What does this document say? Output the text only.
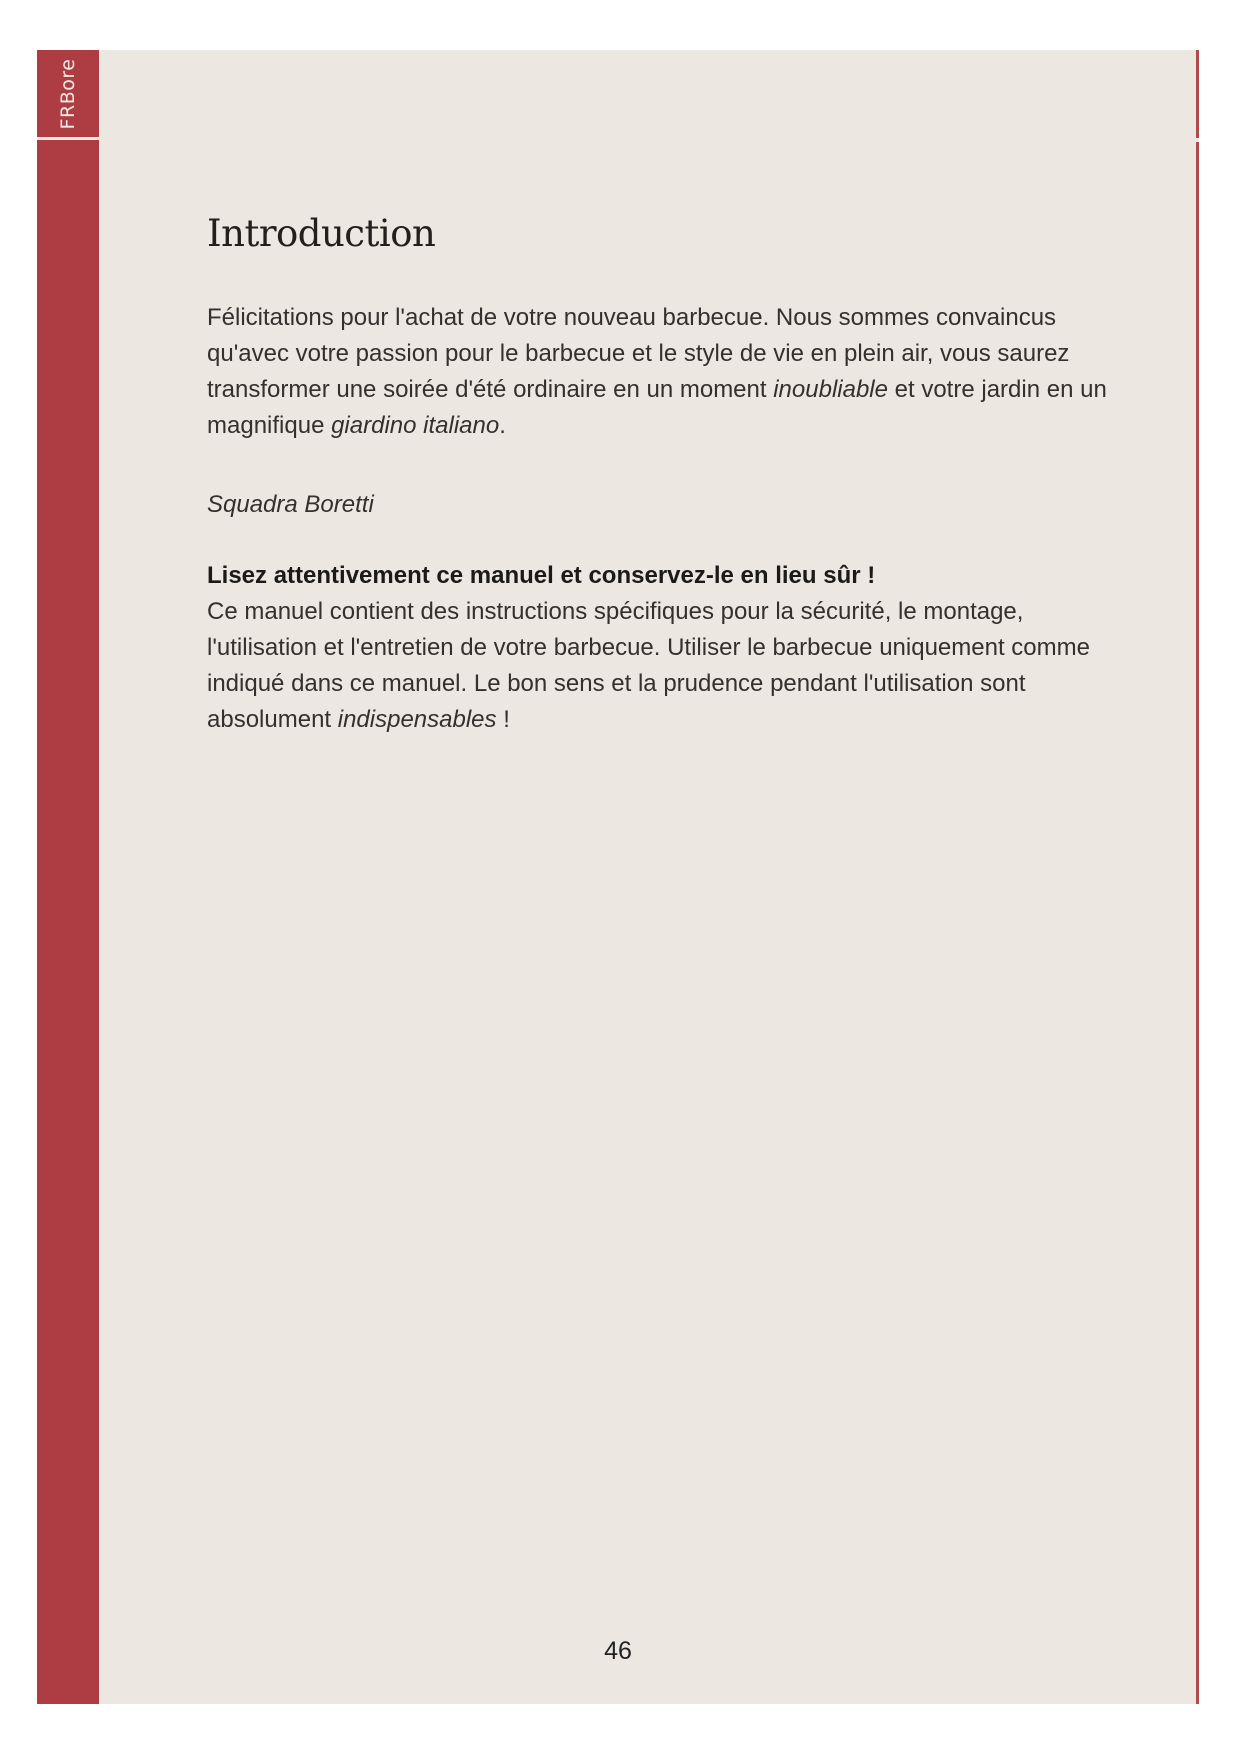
FRBore
Introduction

Félicitations pour l'achat de votre nouveau barbecue. Nous sommes convaincus qu'avec votre passion pour le barbecue et le style de vie en plein air, vous saurez transformer une soirée d'été ordinaire en un moment inoubliable et votre jardin en un magnifique giardino italiano.

Squadra Boretti

Lisez attentivement ce manuel et conservez-le en lieu sûr !

Ce manuel contient des instructions spécifiques pour la sécurité, le montage, l'utilisation et l'entretien de votre barbecue. Utiliser le barbecue uniquement comme indiqué dans ce manuel. Le bon sens et la prudence pendant l'utilisation sont absolument indispensables !

46
